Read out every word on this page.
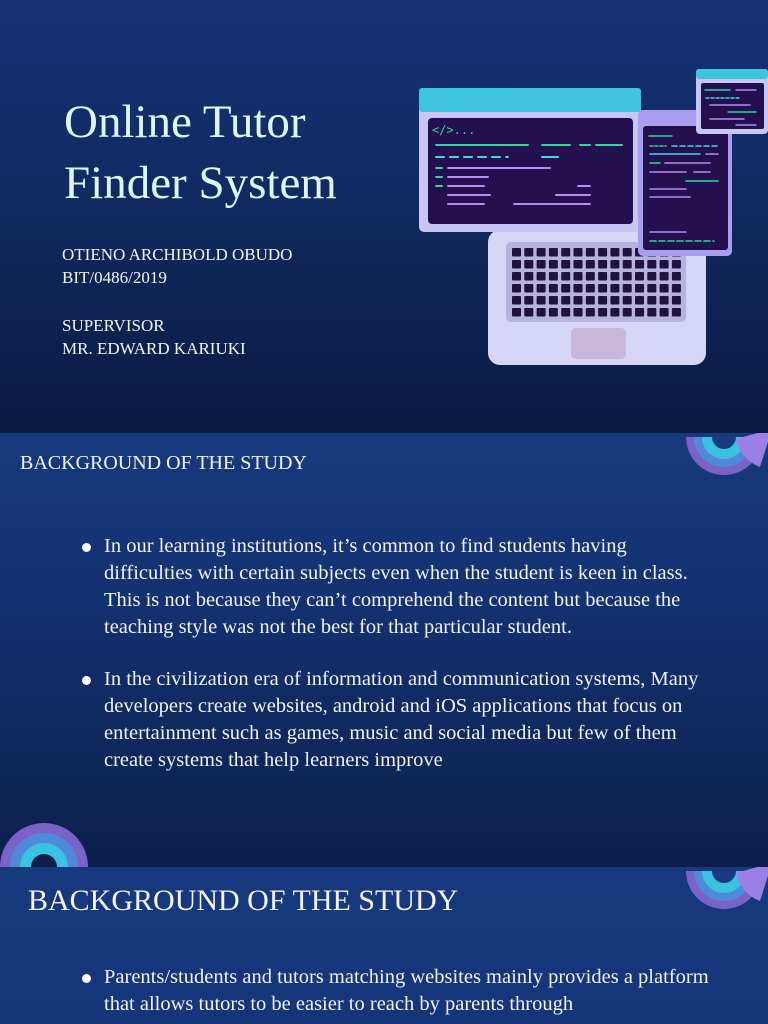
Online Tutor
Finder System
OTIENO ARCHIBOLD OBUDO
BIT/0486/2019
SUPERVISOR
MR. EDWARD KARIUKI
</>...
BACKGROUND OF THE STUDY
In our learning institutions, it’s common to find students having difficulties with certain subjects even when the student is keen in class. This is not because they can’t comprehend the content but because the teaching style was not the best for that particular student.
In the civilization era of information and communication systems, Many developers create websites, android and iOS applications that focus on entertainment such as games, music and social media but few of them create systems that help learners improve
BACKGROUND OF THE STUDY
Parents/students and tutors matching websites mainly provides a platform that allows tutors to be easier to reach by parents through
